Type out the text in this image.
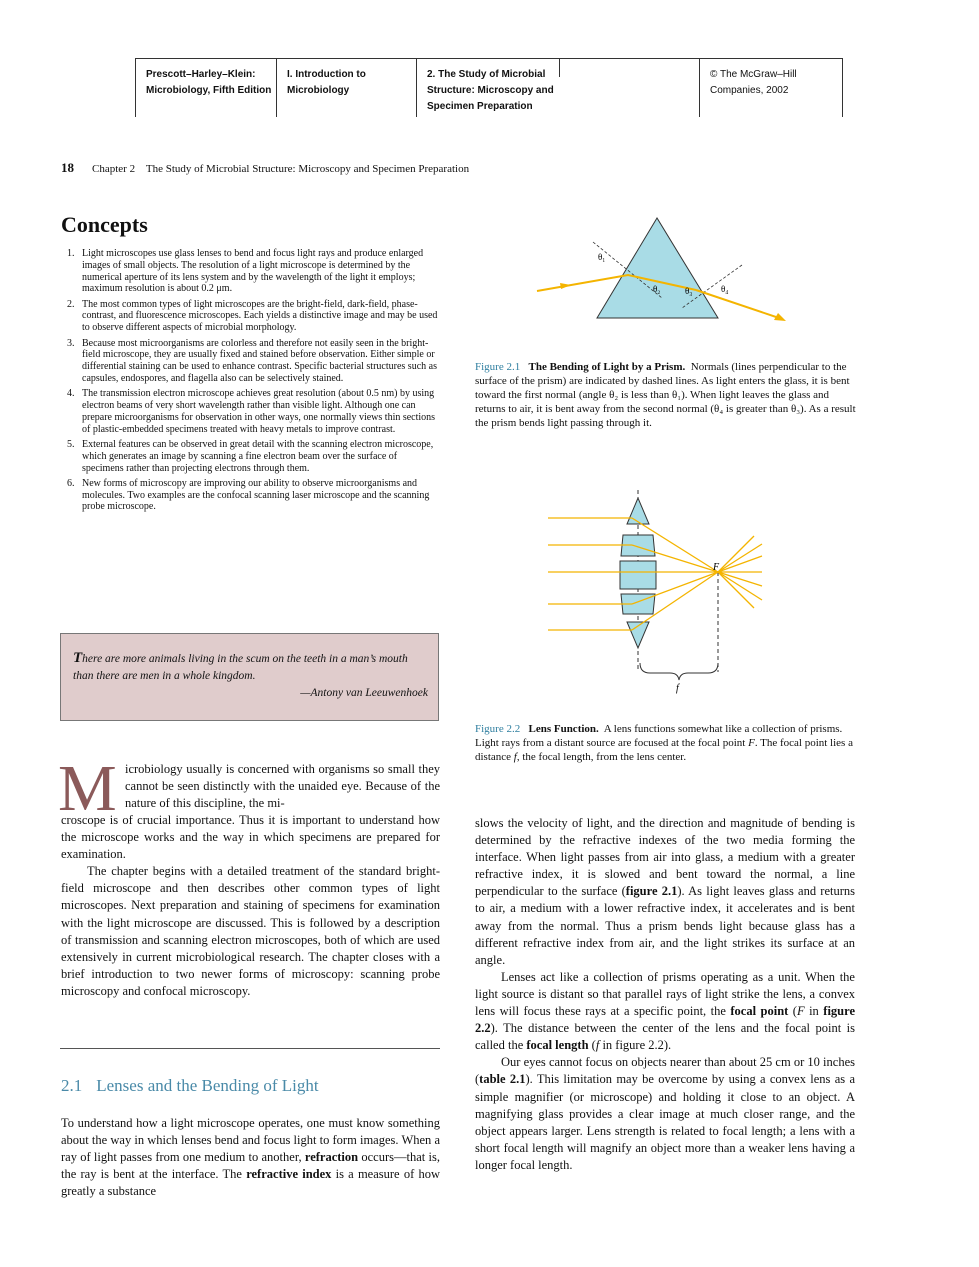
Prescott–Harley–Klein:
Microbiology, Fifth Edition
I. Introduction to
Microbiology
2. The Study of Microbial
Structure: Microscopy and
Specimen Preparation
© The McGraw–Hill
Companies, 2002
18 Chapter 2    The Study of Microbial Structure: Microscopy and Specimen Preparation
Concepts
1. Light microscopes use glass lenses to bend and focus light rays and produce enlarged images of small objects. The resolution of a light microscope is determined by the numerical aperture of its lens system and by the wavelength of the light it employs; maximum resolution is about 0.2 μm.
2. The most common types of light microscopes are the bright-field, dark-field, phase-contrast, and fluorescence microscopes. Each yields a distinctive image and may be used to observe different aspects of microbial morphology.
3. Because most microorganisms are colorless and therefore not easily seen in the bright-field microscope, they are usually fixed and stained before observation. Either simple or differential staining can be used to enhance contrast. Specific bacterial structures such as capsules, endospores, and flagella also can be selectively stained.
4. The transmission electron microscope achieves great resolution (about 0.5 nm) by using electron beams of very short wavelength rather than visible light. Although one can prepare microorganisms for observation in other ways, one normally views thin sections of plastic-embedded specimens treated with heavy metals to improve contrast.
5. External features can be observed in great detail with the scanning electron microscope, which generates an image by scanning a fine electron beam over the surface of specimens rather than projecting electrons through them.
6. New forms of microscopy are improving our ability to observe microorganisms and molecules. Two examples are the confocal scanning laser microscope and the scanning probe microscope.
There are more animals living in the scum on the teeth in a man’s mouth than there are men in a whole kingdom.
—Antony van Leeuwenhoek
M icrobiology usually is concerned with organisms so small they cannot be seen distinctly with the unaided eye. Because of the nature of this discipline, the mi-

croscope is of crucial importance. Thus it is important to understand how the microscope works and the way in which specimens are prepared for examination.

The chapter begins with a detailed treatment of the standard bright-field microscope and then describes other common types of light microscopes. Next preparation and staining of specimens for examination with the light microscope are discussed. This is followed by a description of transmission and scanning electron microscopes, both of which are used extensively in current microbiological research. The chapter closes with a brief introduction to two newer forms of microscopy: scanning probe microscopy and confocal microscopy.

2.1 Lenses and the Bending of Light

To understand how a light microscope operates, one must know something about the way in which lenses bend and focus light to form images. When a ray of light passes from one medium to another, refraction occurs—that is, the ray is bent at the interface. The refractive index is a measure of how greatly a substance

slows the velocity of light, and the direction and magnitude of bending is determined by the refractive indexes of the two media forming the interface. When light passes from air into glass, a medium with a greater refractive index, it is slowed and bent toward the normal, a line perpendicular to the surface (figure 2.1). As light leaves glass and returns to air, a medium with a lower refractive index, it accelerates and is bent away from the normal. Thus a prism bends light because glass has a different refractive index from air, and the light strikes its surface at an angle.

Lenses act like a collection of prisms operating as a unit. When the light source is distant so that parallel rays of light strike the lens, a convex lens will focus these rays at a specific point, the focal point (F in figure 2.2). The distance between the center of the lens and the focal point is called the focal length (f in figure 2.2).

Our eyes cannot focus on objects nearer than about 25 cm or 10 inches (table 2.1). This limitation may be overcome by using a convex lens as a simple magnifier (or microscope) and holding it close to an object. A magnifying glass provides a clear image at much closer range, and the object appears larger. Lens strength is related to focal length; a lens with a short focal length will magnify an object more than a weaker lens having a longer focal length.

θ₁
θ₂	θ₃	θ₄
Figure 2.1 The Bending of Light by a Prism. Normals (lines perpendicular to the surface of the prism) are indicated by dashed lines. As light enters the glass, it is bent toward the first normal (angle θ₂ is less than θ₁). When light leaves the glass and returns to air, it is bent away from the second normal (θ₄ is greater than θ₃). As a result the prism bends light passing through it.
F
f
Figure 2.2 Lens Function. A lens functions somewhat like a collection of prisms. Light rays from a distant source are focused at the focal point F. The focal point lies a distance f, the focal length, from the lens center.
